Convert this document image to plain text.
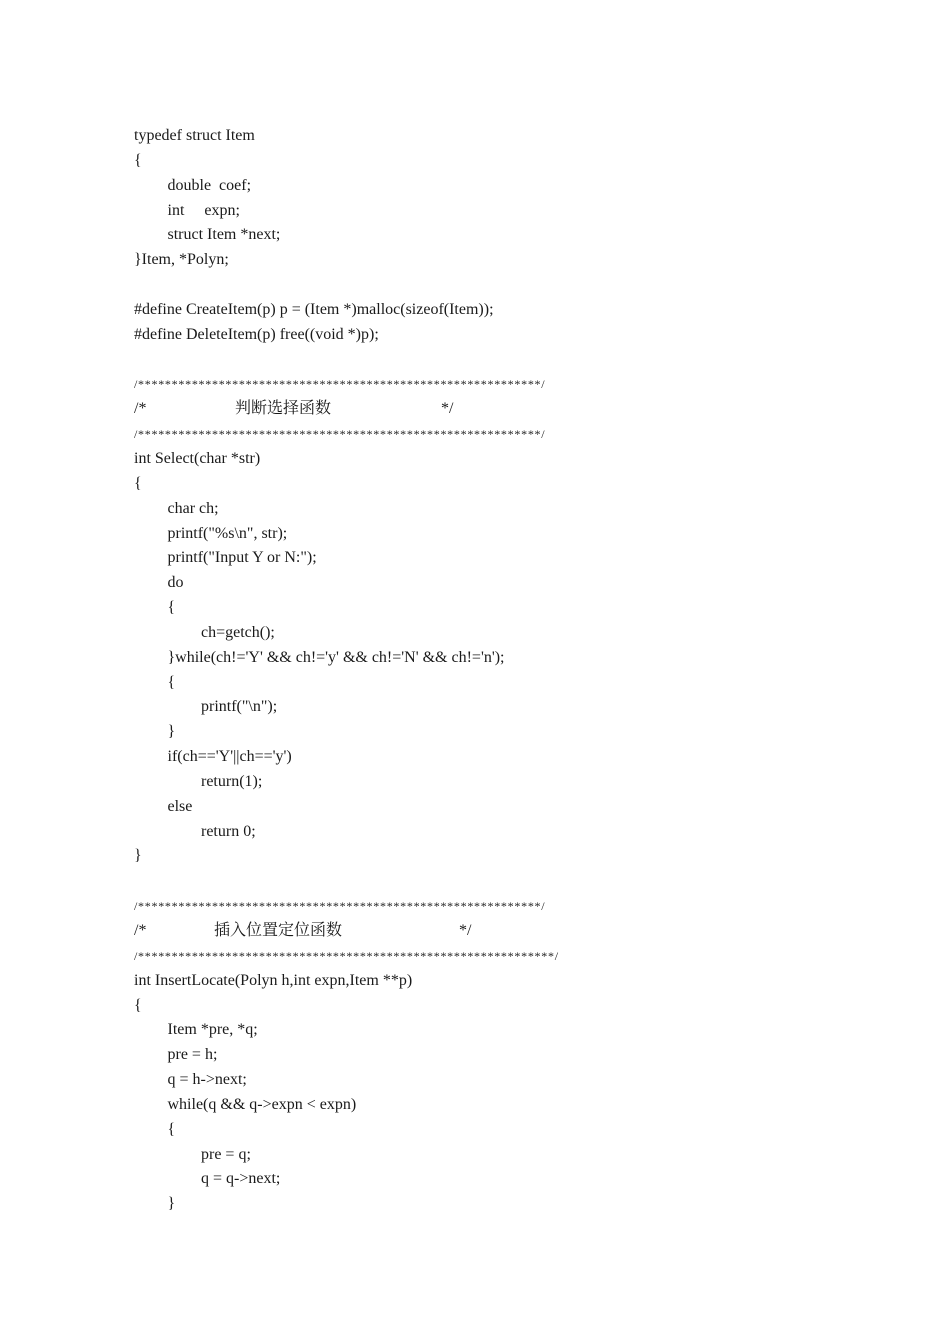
typedef struct Item
{
double  coef;
int     expn;
struct Item *next;
}Item, *Polyn;
#define CreateItem(p) p = (Item *)malloc(sizeof(Item));
#define DeleteItem(p) free((void *)p);
/************************************************************/
/*	判断选择函数	*/
/************************************************************/
int Select(char *str)
{
char ch;
printf("%s\n", str);
printf("Input Y or N:");
do
{
ch=getch();
}while(ch!='Y' && ch!='y' && ch!='N' && ch!='n');
{
printf("\n");
}
if(ch=='Y'||ch=='y')
return(1);
else
return 0;
}
/************************************************************/
/*	插入位置定位函数	*/
/**************************************************************/
int InsertLocate(Polyn h,int expn,Item **p)
{
Item *pre, *q;
pre = h;
q = h->next;
while(q && q->expn < expn)
{
pre = q;
q = q->next;
}
